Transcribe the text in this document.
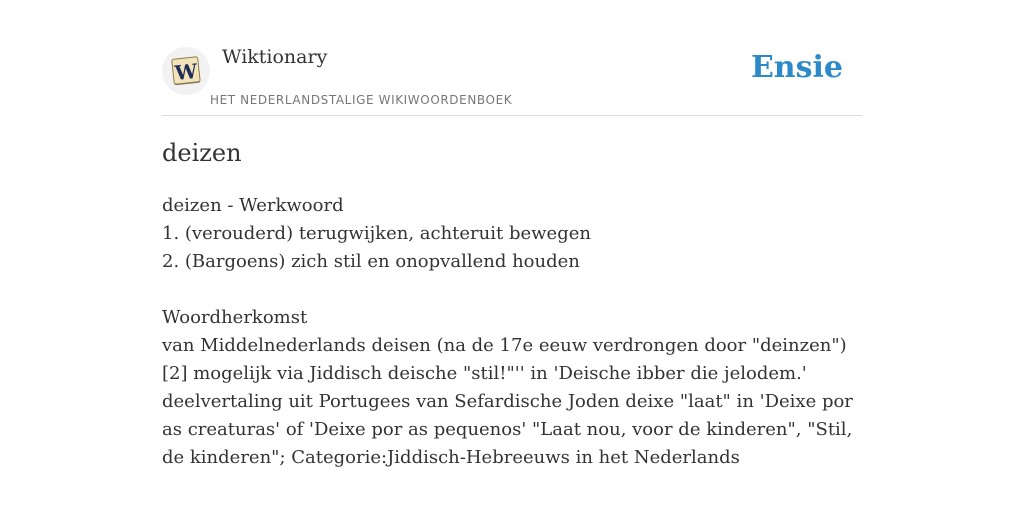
W
Wiktionary
HET NEDERLANDSTALIGE WIKIWOORDENBOEK
Ensie
deizen
deizen - Werkwoord
1. (verouderd) terugwijken, achteruit bewegen
2. (Bargoens) zich stil en onopvallend houden
Woordherkomst
van Middelnederlands deisen (na de 17e eeuw verdrongen door "deinzen")
[2] mogelijk via Jiddisch deische "stil!"'' in 'Deische ibber die jelodem.'
deelvertaling uit Portugees van Sefardische Joden deixe "laat" in 'Deixe por as creaturas' of 'Deixe por as pequenos' "Laat nou, voor de kinderen", "Stil, de kinderen"; Categorie:Jiddisch-Hebreeuws in het Nederlands
